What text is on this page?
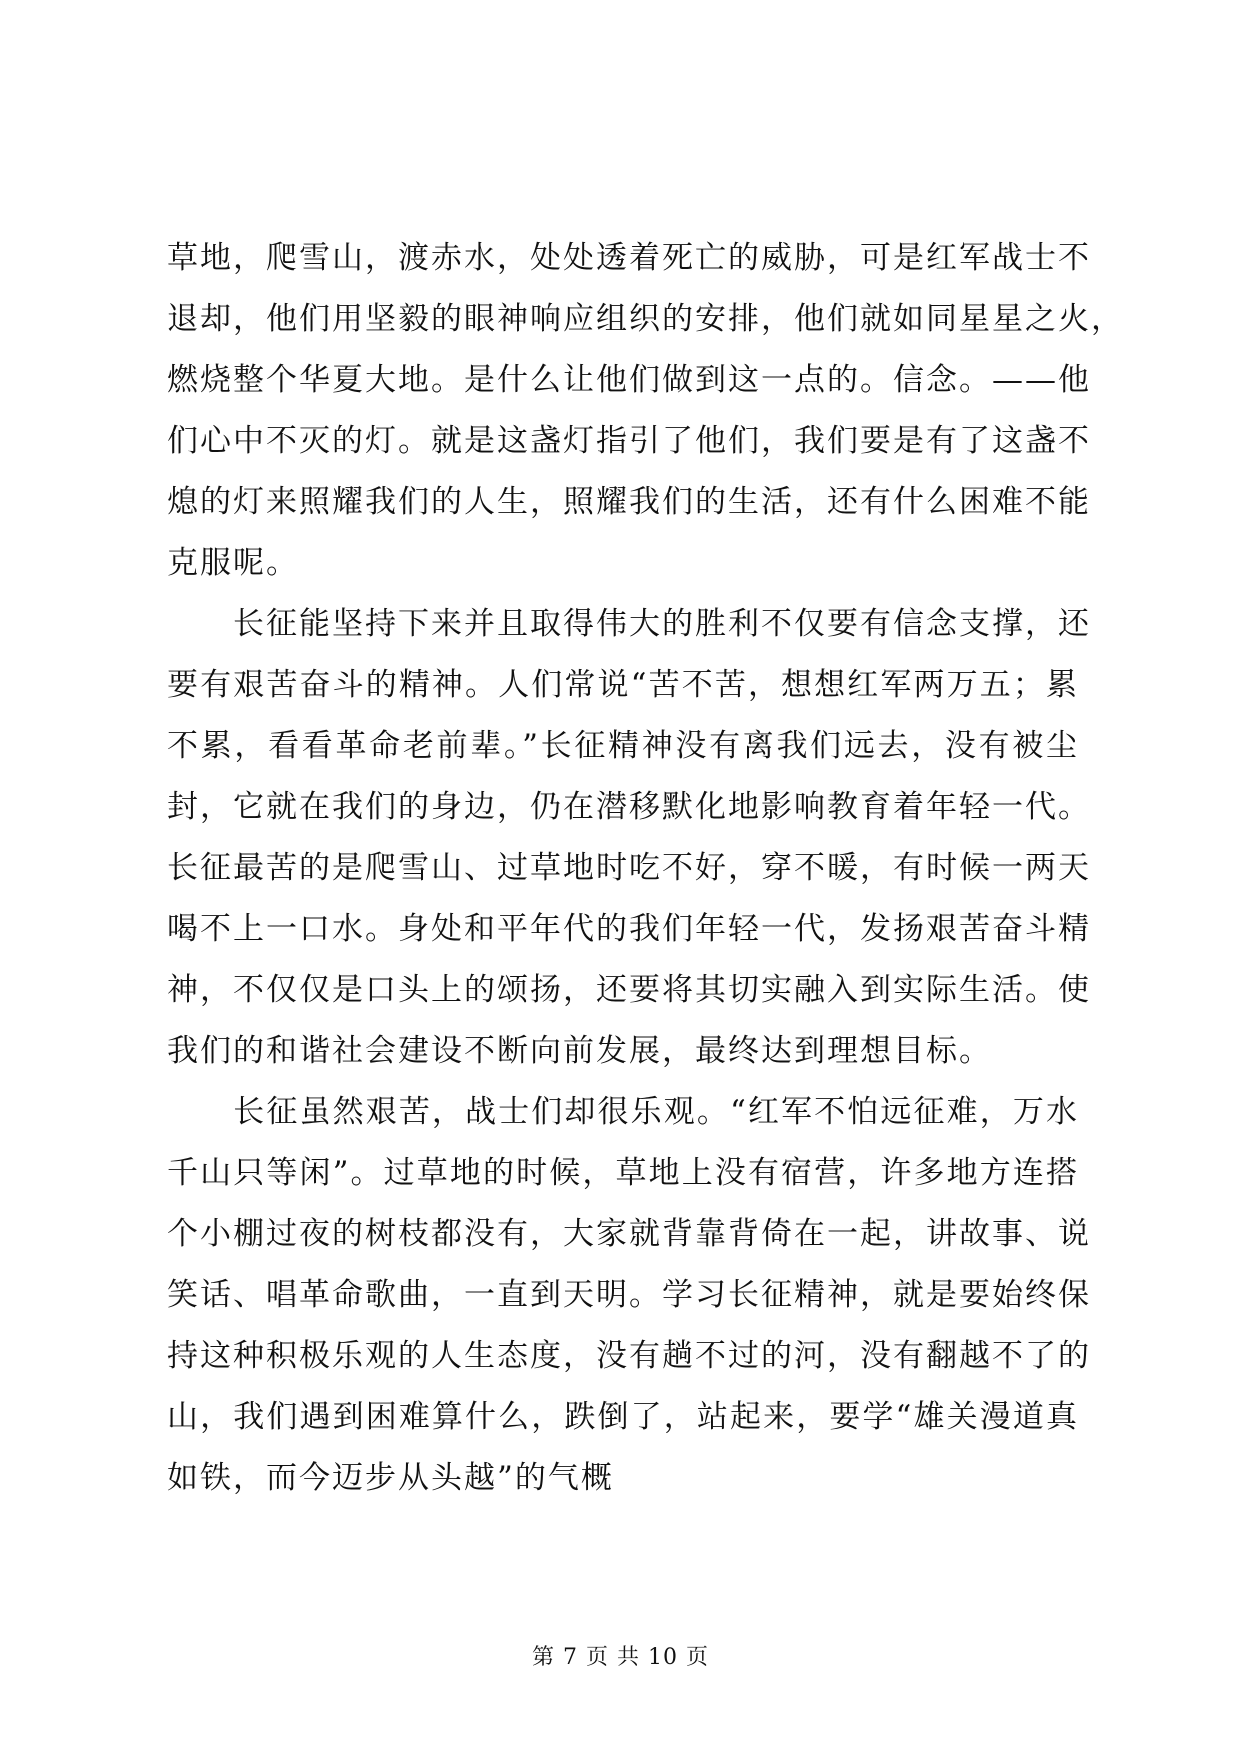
草地，爬雪山，渡赤水，处处透着死亡的威胁，可是红军战士不
退却，他们用坚毅的眼神响应组织的安排，他们就如同星星之火，
燃烧整个华夏大地。是什么让他们做到这一点的。信念。——他
们心中不灭的灯。就是这盏灯指引了他们，我们要是有了这盏不
熄的灯来照耀我们的人生，照耀我们的生活，还有什么困难不能
克服呢。
　　长征能坚持下来并且取得伟大的胜利不仅要有信念支撑，还
要有艰苦奋斗的精神。人们常说“苦不苦，想想红军两万五；累
不累，看看革命老前辈。”长征精神没有离我们远去，没有被尘
封，它就在我们的身边，仍在潜移默化地影响教育着年轻一代。
长征最苦的是爬雪山、过草地时吃不好，穿不暖，有时候一两天
喝不上一口水。身处和平年代的我们年轻一代，发扬艰苦奋斗精
神，不仅仅是口头上的颂扬，还要将其切实融入到实际生活。使
我们的和谐社会建设不断向前发展，最终达到理想目标。
　　长征虽然艰苦，战士们却很乐观。“红军不怕远征难，万水
千山只等闲”。过草地的时候，草地上没有宿营，许多地方连搭
个小棚过夜的树枝都没有，大家就背靠背倚在一起，讲故事、说
笑话、唱革命歌曲，一直到天明。学习长征精神，就是要始终保
持这种积极乐观的人生态度，没有趟不过的河，没有翻越不了的
山，我们遇到困难算什么，跌倒了，站起来，要学“雄关漫道真
如铁，而今迈步从头越”的气概
第 7 页 共 10 页
